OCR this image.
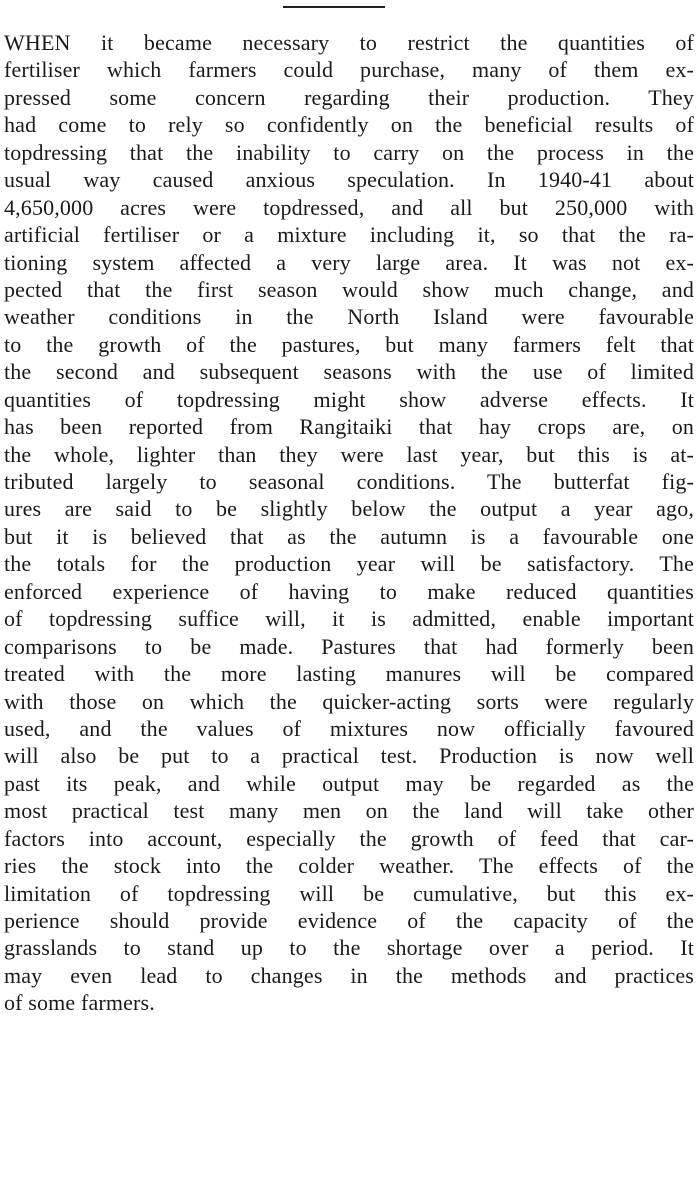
WHEN it became necessary to restrict the quantities of
fertiliser which farmers could purchase, many of them ex-
pressed some concern regarding their production. They
had come to rely so confidently on the beneficial results of
topdressing that the inability to carry on the process in the
usual way caused anxious speculation. In 1940-41 about
4,650,000 acres were topdressed, and all but 250,000 with
artificial fertiliser or a mixture including it, so that the ra-
tioning system affected a very large area. It was not ex-
pected that the first season would show much change, and
weather conditions in the North Island were favourable
to the growth of the pastures, but many farmers felt that
the second and subsequent seasons with the use of limited
quantities of topdressing might show adverse effects. It
has been reported from Rangitaiki that hay crops are, on
the whole, lighter than they were last year, but this is at-
tributed largely to seasonal conditions. The butterfat fig-
ures are said to be slightly below the output a year ago,
but it is believed that as the autumn is a favourable one
the totals for the production year will be satisfactory. The
enforced experience of having to make reduced quantities
of topdressing suffice will, it is admitted, enable important
comparisons to be made. Pastures that had formerly been
treated with the more lasting manures will be compared
with those on which the quicker-acting sorts were regularly
used, and the values of mixtures now officially favoured
will also be put to a practical test. Production is now well
past its peak, and while output may be regarded as the
most practical test many men on the land will take other
factors into account, especially the growth of feed that car-
ries the stock into the colder weather. The effects of the
limitation of topdressing will be cumulative, but this ex-
perience should provide evidence of the capacity of the
grasslands to stand up to the shortage over a period. It
may even lead to changes in the methods and practices
of some farmers.
